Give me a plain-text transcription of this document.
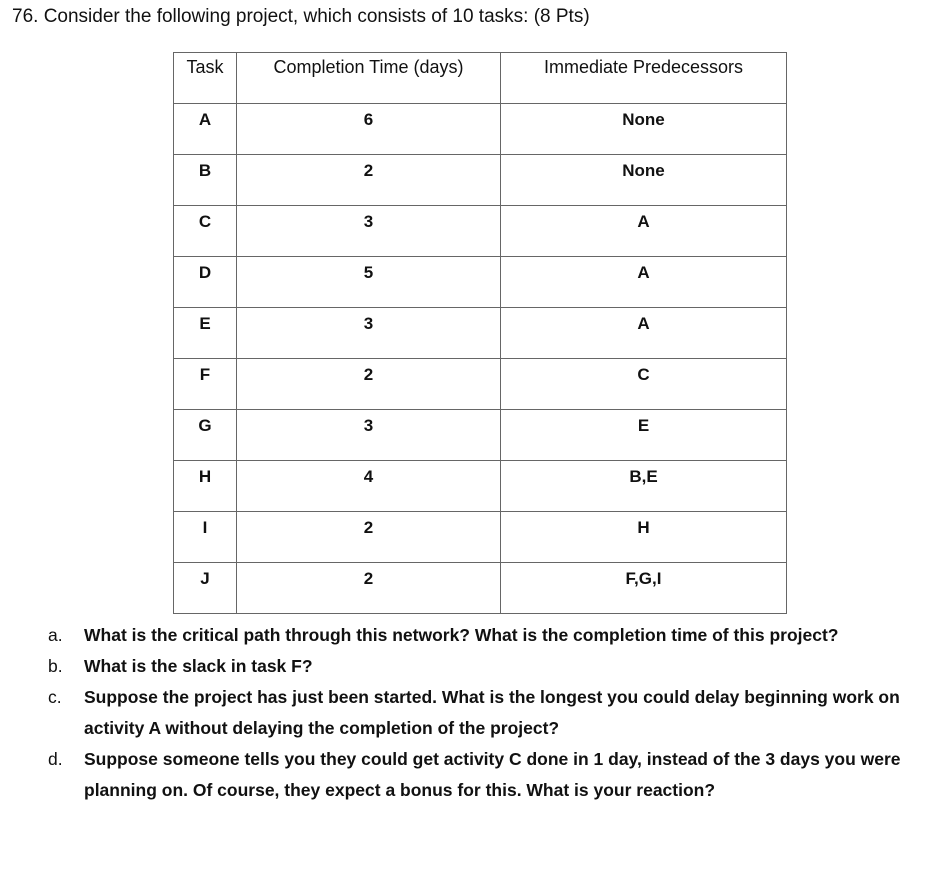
76. Consider the following project, which consists of 10 tasks: (8 Pts)
Task	Completion Time (days)	Immediate Predecessors
A	6	None
B	2	None
C	3	A
D	5	A
E	3	A
F	2	C
G	3	E
H	4	B,E
I	2	H
J	2	F,G,I
a. What is the critical path through this network? What is the completion time of this project?
b. What is the slack in task F?
c. Suppose the project has just been started. What is the longest you could delay beginning work on activity A without delaying the completion of the project?
d. Suppose someone tells you they could get activity C done in 1 day, instead of the 3 days you were planning on. Of course, they expect a bonus for this. What is your reaction?
